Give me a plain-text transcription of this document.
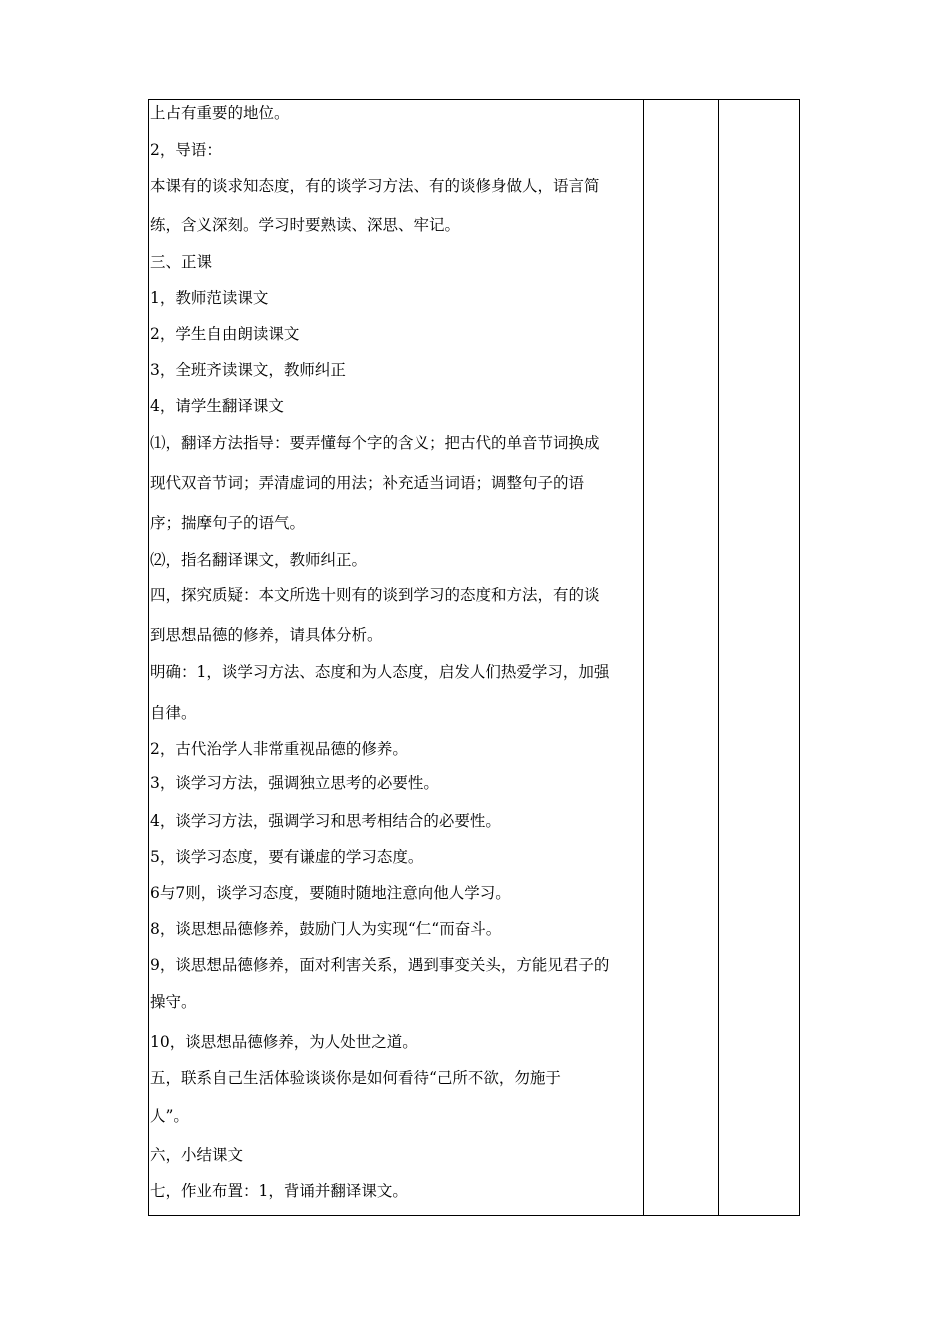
上占有重要的地位。
2，导语：
本课有的谈求知态度，有的谈学习方法、有的谈修身做人，语言简
练，含义深刻。学习时要熟读、深思、牢记。
三、正课
1，教师范读课文
2，学生自由朗读课文
3，全班齐读课文，教师纠正
4，请学生翻译课文
⑴，翻译方法指导：要弄懂每个字的含义；把古代的单音节词换成
现代双音节词；弄清虚词的用法；补充适当词语；调整句子的语
序；揣摩句子的语气。
⑵，指名翻译课文，教师纠正。
四，探究质疑：本文所选十则有的谈到学习的态度和方法，有的谈
到思想品德的修养，请具体分析。
明确：1，谈学习方法、态度和为人态度，启发人们热爱学习，加强
自律。
2，古代治学人非常重视品德的修养。
3，谈学习方法，强调独立思考的必要性。
4，谈学习方法，强调学习和思考相结合的必要性。
5，谈学习态度，要有谦虚的学习态度。
6与7则，谈学习态度，要随时随地注意向他人学习。
8，谈思想品德修养，鼓励门人为实现“仁“而奋斗。
9，谈思想品德修养，面对利害关系，遇到事变关头，方能见君子的
操守。
10，谈思想品德修养，为人处世之道。
五，联系自己生活体验谈谈你是如何看待“己所不欲，勿施于
人”。
六，小结课文
七，作业布置：1，背诵并翻译课文。
